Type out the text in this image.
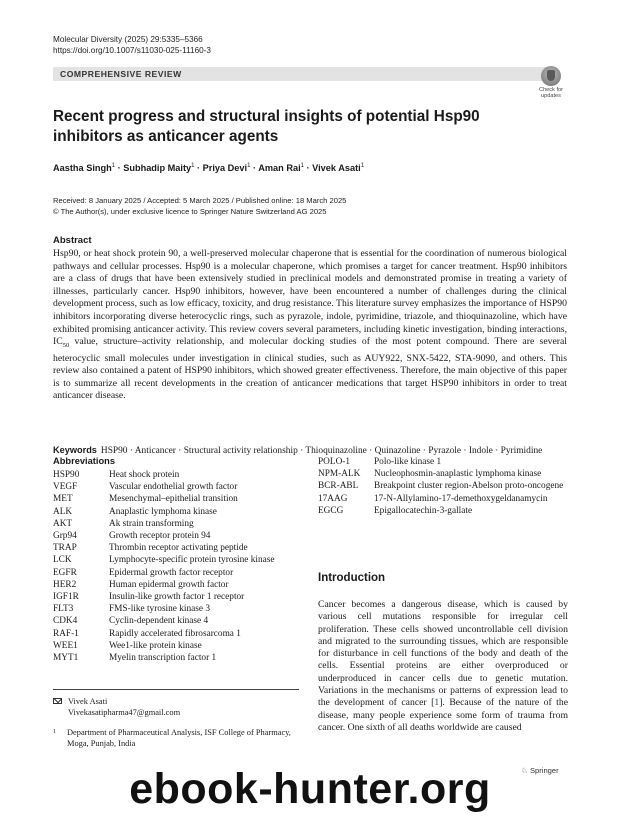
Molecular Diversity (2025) 29:5335–5366
https://doi.org/10.1007/s11030-025-11160-3
COMPREHENSIVE REVIEW
Check for updates
Recent progress and structural insights of potential Hsp90 inhibitors as anticancer agents
Aastha Singh$^1$ · Subhadip Maity$^1$ · Priya Devi$^1$ · Aman Rai$^1$ · Vivek Asati$^1$
Received: 8 January 2025 / Accepted: 5 March 2025 / Published online: 18 March 2025
© The Author(s), under exclusive licence to Springer Nature Switzerland AG 2025
Abstract

Hsp90, or heat shock protein 90, a well-preserved molecular chaperone that is essential for the coordination of numerous biological pathways and cellular processes. Hsp90 is a molecular chaperone, which promises a target for cancer treatment. Hsp90 inhibitors are a class of drugs that have been extensively studied in preclinical models and demonstrated promise in treating a variety of illnesses, particularly cancer. Hsp90 inhibitors, however, have been encountered a number of challenges during the clinical development process, such as low efficacy, toxicity, and drug resistance. This literature survey emphasizes the importance of HSP90 inhibitors incorporating diverse heterocyclic rings, such as pyrazole, indole, pyrimidine, triazole, and thioquinazoline, which have exhibited promising anticancer activity. This review covers several parameters, including kinetic investigation, binding interactions, $IC_{50}$ value, structure–activity relationship, and molecular docking studies of the most potent compound. There are several heterocyclic small molecules under investigation in clinical studies, such as AUY922, SNX-5422, STA-9090, and others. This review also contained a patent of HSP90 inhibitors, which showed greater effectiveness. Therefore, the main objective of this paper is to summarize all recent developments in the creation of anticancer medications that target HSP90 inhibitors in order to treat anticancer disease.

Keywords HSP90 · Anticancer · Structural activity relationship · Thioquinazoline · Quinazoline · Pyrazole · Indole · Pyrimidine

Abbreviations
HSP90	Heat shock protein
VEGF	Vascular endothelial growth factor
MET	Mesenchymal–epithelial transition
ALK	Anaplastic lymphoma kinase
AKT	Ak strain transforming
Grp94	Growth receptor protein 94
TRAP	Thrombin receptor activating peptide
LCK	Lymphocyte-specific protein tyrosine kinase
EGFR	Epidermal growth factor receptor
HER2	Human epidermal growth factor
IGF1R	Insulin-like growth factor 1 receptor
FLT3	FMS-like tyrosine kinase 3
CDK4	Cyclin-dependent kinase 4
RAF-1	Rapidly accelerated fibrosarcoma 1
WEE1	Wee1-like protein kinase
MYT1	Myelin transcription factor 1
POLO-1	Polo-like kinase 1
NPM-ALK	Nucleophosmin-anaplastic lymphoma kinase
BCR-ABL	Breakpoint cluster region-Abelson proto-oncogene
17AAG	17-N-Allylamino-17-demethoxygeldanamycin
EGCG	Epigallocatechin-3-gallate
Vivek Asati
Vivekasatipharma47@gmail.com
1 Department of Pharmaceutical Analysis, ISF College of Pharmacy, Moga, Punjab, India
Introduction

Cancer becomes a dangerous disease, which is caused by various cell mutations responsible for irregular cell proliferation. These cells showed uncontrollable cell division and migrated to the surrounding tissues, which are responsible for disturbance in cell functions of the body and death of the cells. Essential proteins are either overproduced or underproduced in cancer cells due to genetic mutation. Variations in the mechanisms or patterns of expression lead to the development of cancer [1]. Because of the nature of the disease, many people experience some form of trauma from cancer. One sixth of all deaths worldwide are caused

♘ Springer
ebook-hunter.org
